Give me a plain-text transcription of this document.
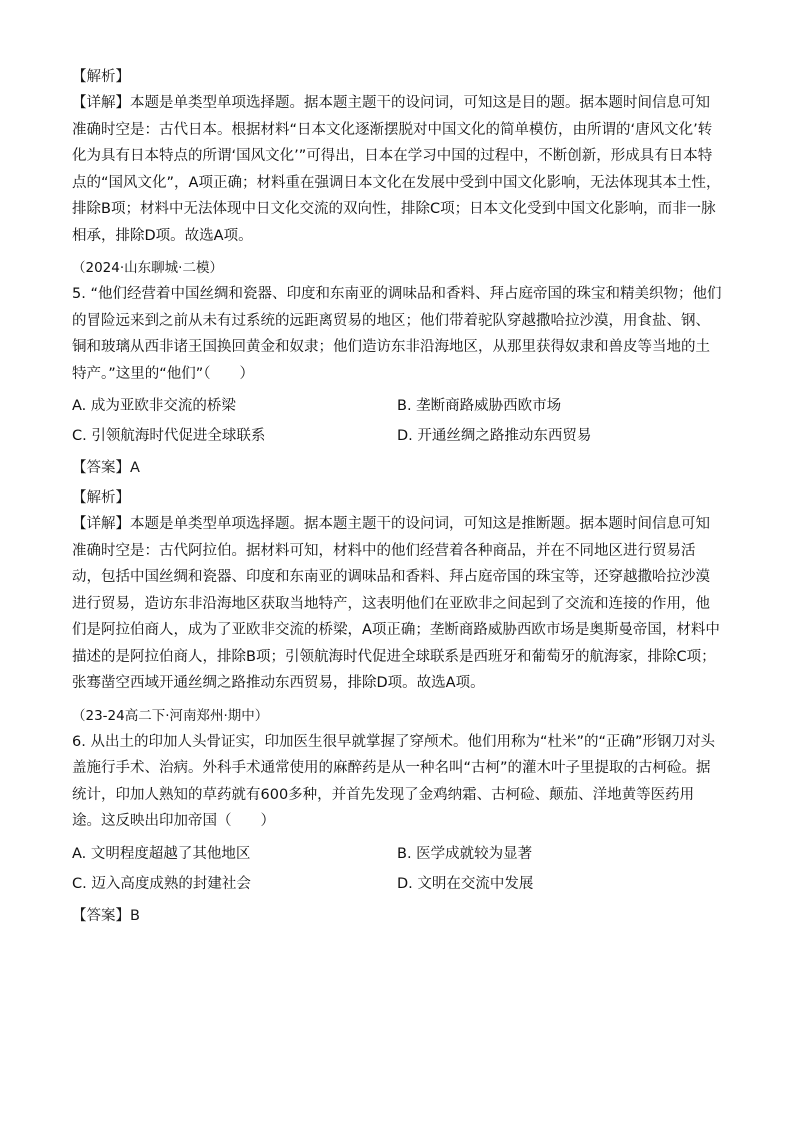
【解析】

【详解】本题是单类型单项选择题。据本题主题干的设问词，可知这是目的题。据本题时间信息可知准确时空是：古代日本。根据材料“日本文化逐渐摆脱对中国文化的简单模仿，由所谓的‘唐风文化’转化为具有日本特点的所谓‘国风文化’”可得出，日本在学习中国的过程中，不断创新，形成具有日本特点的“国风文化”，A项正确；材料重在强调日本文化在发展中受到中国文化影响，无法体现其本土性，排除B项；材料中无法体现中日文化交流的双向性，排除C项；日本文化受到中国文化影响，而非一脉相承，排除D项。故选A项。

（2024·山东聊城·二模）

5. “他们经营着中国丝绸和瓷器、印度和东南亚的调味品和香料、拜占庭帝国的珠宝和精美织物；他们的冒险远来到之前从未有过系统的远距离贸易的地区；他们带着驼队穿越撒哈拉沙漠，用食盐、钢、铜和玻璃从西非诸王国换回黄金和奴隶；他们造访东非沿海地区，从那里获得奴隶和兽皮等当地的土特产。”这里的“他们”（　　）

A. 成为亚欧非交流的桥梁	B. 垄断商路威胁西欧市场
C. 引领航海时代促进全球联系	D. 开通丝绸之路推动东西贸易

【答案】A

【解析】

【详解】本题是单类型单项选择题。据本题主题干的设问词，可知这是推断题。据本题时间信息可知准确时空是：古代阿拉伯。据材料可知，材料中的他们经营着各种商品，并在不同地区进行贸易活动，包括中国丝绸和瓷器、印度和东南亚的调味品和香料、拜占庭帝国的珠宝等，还穿越撒哈拉沙漠进行贸易，造访东非沿海地区获取当地特产，这表明他们在亚欧非之间起到了交流和连接的作用，他们是阿拉伯商人，成为了亚欧非交流的桥梁，A项正确；垄断商路威胁西欧市场是奥斯曼帝国，材料中描述的是阿拉伯商人，排除B项；引领航海时代促进全球联系是西班牙和葡萄牙的航海家，排除C项；张骞凿空西域开通丝绸之路推动东西贸易，排除D项。故选A项。

（23-24高二下·河南郑州·期中）

6. 从出土的印加人头骨证实，印加医生很早就掌握了穿颅术。他们用称为“杜米”的“正确”形钢刀对头盖施行手术、治病。外科手术通常使用的麻醉药是从一种名叫“古柯”的灌木叶子里提取的古柯硷。据统计，印加人熟知的草药就有600多种，并首先发现了金鸡纳霜、古柯硷、颠茄、洋地黄等医药用途。这反映出印加帝国（　　）

A. 文明程度超越了其他地区	B. 医学成就较为显著
C. 迈入高度成熟的封建社会	D. 文明在交流中发展

【答案】B
